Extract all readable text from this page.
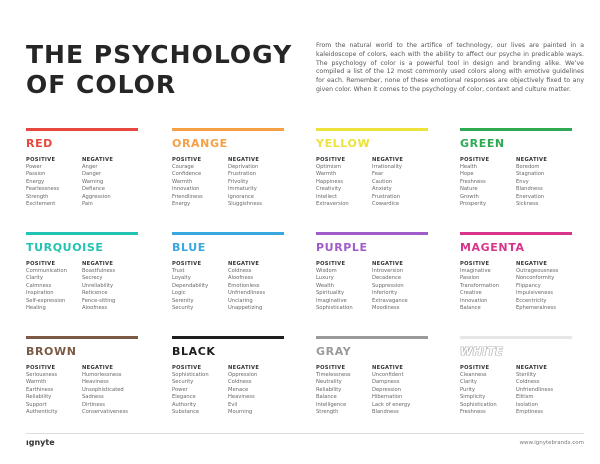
THE PSYCHOLOGY
OF COLOR
From the natural world to the artifice of technology, our lives are painted in a kaleidoscope of colors, each with the ability to affect our psyche in predicable ways. The psychology of color is a powerful tool in design and branding alike. We’ve compiled a list of the 12 most commonly used colors along with emotive guidelines for each. Remember, none of these emotional responses are objectively fixed to any given color. When it comes to the psychology of color, context and culture matter.
RED
POSITIVE
Power
Passion
Energy
Fearlessness
Strength
Excitement
NEGATIVE
Anger
Danger
Warning
Defiance
Aggression
Pain
ORANGE
POSITIVE
Courage
Confidence
Warmth
Innovation
Friendliness
Energy
NEGATIVE
Deprivation
Frustration
Frivolity
Immaturity
Ignorance
Sluggishness
YELLOW
POSITIVE
Optimism
Warmth
Happiness
Creativity
Intellect
Extraversion
NEGATIVE
Irrationality
Fear
Caution
Anxiety
Frustration
Cowardice
GREEN
POSITIVE
Health
Hope
Freshness
Nature
Growth
Prosperity
NEGATIVE
Boredom
Stagnation
Envy
Blandness
Enervation
Sickness
TURQUOISE
POSITIVE
Communication
Clarity
Calmness
Inspiration
Self-expression
Healing
NEGATIVE
Boastfulness
Secrecy
Unreliability
Reticence
Fence-sitting
Aloofness
BLUE
POSITIVE
Trust
Loyalty
Dependability
Logic
Serenity
Security
NEGATIVE
Coldness
Aloofness
Emotionless
Unfriendliness
Unciaring
Unappetizing
PURPLE
POSITIVE
Wisdom
Luxury
Wealth
Spirituality
Imaginative
Sophistication
NEGATIVE
Introversion
Decadence
Suppression
Inferiority
Extravagance
Moodiness
MAGENTA
POSITIVE
Imaginative
Passion
Transformation
Creative
Innovation
Balance
NEGATIVE
Outrageousness
Nonconformity
Flippancy
Impulsiveness
Eccentricity
Ephemeralness
BROWN
POSITIVE
Seriousness
Warmth
Earthiness
Reliability
Support
Authenticity
NEGATIVE
Humorlessness
Heaviness
Unsophisticated
Sadness
Dirtiness
Conservativeness
BLACK
POSITIVE
Sophistication
Security
Power
Elegance
Authority
Substance
NEGATIVE
Oppression
Coldness
Menace
Heaviness
Evil
Mourning
GRAY
POSITIVE
Timelessness
Neutrality
Reliability
Balance
Intelligence
Strength
NEGATIVE
Unconfident
Dampness
Depression
Hibernation
Lack of energy
Blandness
WHITE
POSITIVE
Cleanness
Clarity
Purity
Simplicity
Sophistication
Freshness
NEGATIVE
Sterility
Coldness
Unfriendliness
Elitism
Isolation
Emptiness
ıgnyte	www.ignytebrands.com
